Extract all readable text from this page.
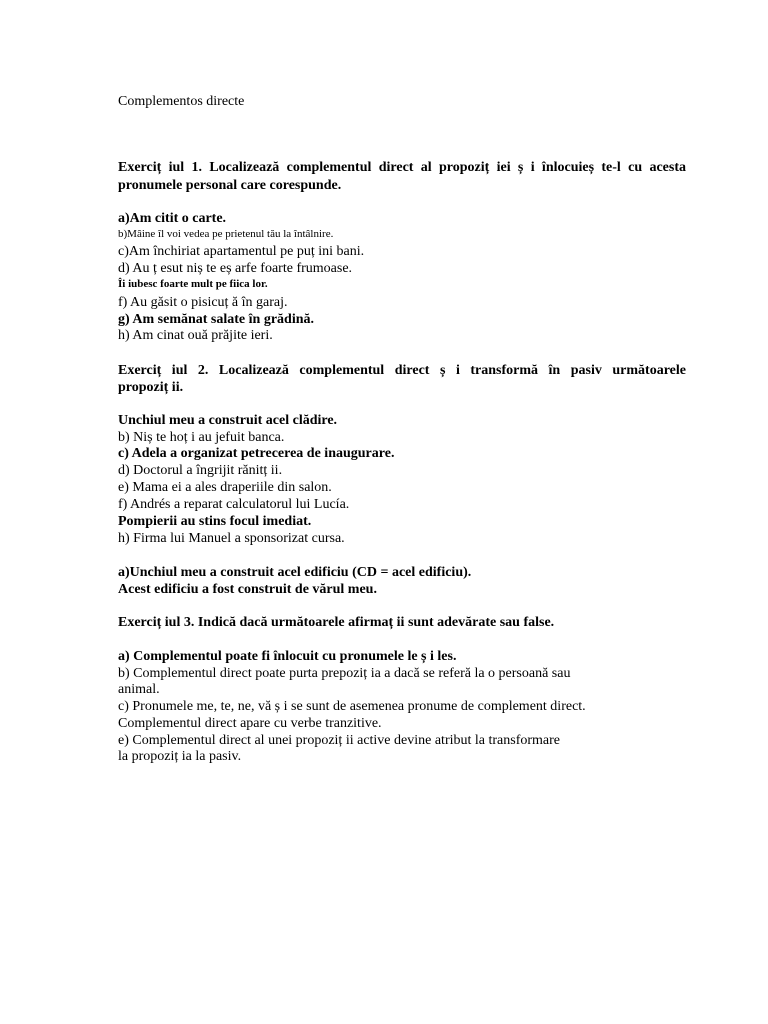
Complementos directe
Exerciț iul 1. Localizează complementul direct al propoziț iei ș i înlocuieș te-l cu acesta
pronumele personal care corespunde.
a)Am citit o carte.
b)Mâine îl voi vedea pe prietenul tău la întâlnire.
c)Am închiriat apartamentul pe puț ini bani.
d) Au ț esut niș te eș arfe foarte frumoase.
Îi iubesc foarte mult pe fiica lor.
f) Au găsit o pisicuț ă în garaj.
g) Am semănat salate în grădină.
h) Am cinat ouă prăjite ieri.
Exerciț iul 2. Localizează complementul direct ș i transformă în pasiv următoarele
propoziț ii.
Unchiul meu a construit acel clădire.
b) Niș te hoț i au jefuit banca.
c) Adela a organizat petrecerea de inaugurare.
d) Doctorul a îngrijit rănitț ii.
e) Mama ei a ales draperiile din salon.
f) Andrés a reparat calculatorul lui Lucía.
Pompierii au stins focul imediat.
h) Firma lui Manuel a sponsorizat cursa.
a)Unchiul meu a construit acel edificiu (CD = acel edificiu).
Acest edificiu a fost construit de vărul meu.
Exerciț iul 3. Indică dacă următoarele afirmaț ii sunt adevărate sau false.
a) Complementul poate fi înlocuit cu pronumele le ș i les.
b) Complementul direct poate purta prepoziț ia a dacă se referă la o persoană sau
animal.
c) Pronumele me, te, ne, vă ș i se sunt de asemenea pronume de complement direct.
Complementul direct apare cu verbe tranzitive.
e) Complementul direct al unei propoziț ii active devine atribut la transformare
la propoziț ia la pasiv.
